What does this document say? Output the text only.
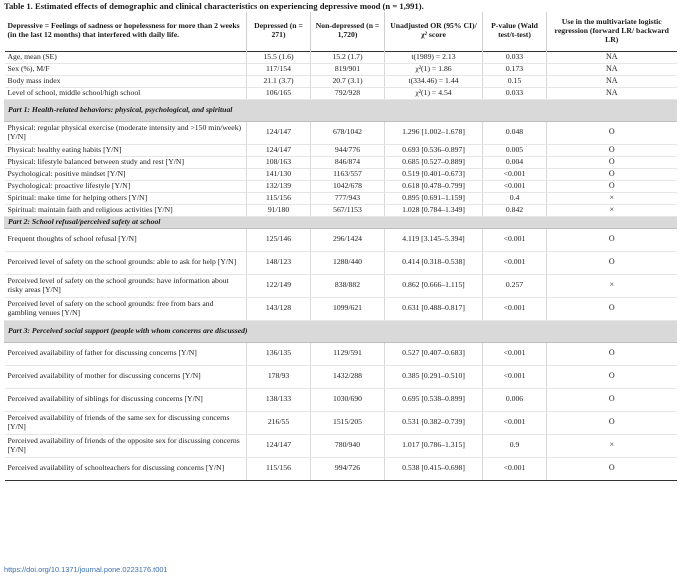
Table 1. Estimated effects of demographic and clinical characteristics on experiencing depressive mood (n = 1,991).
Depressive = Feelings of sadness or hopelessness for more than 2 weeks (in the last 12 months) that interfered with daily life.	Depressed (n = 271)	Non-depressed (n = 1,720)	Unadjusted OR (95% CI)/ χ² score	P-value (Wald test/t-test)	Use in the multivariate logistic regression (forward LR/ backward LR)
Age, mean (SE)	15.5 (1.6)	15.2 (1.7)	t(1989) = 2.13	0.033	NA
Sex (%), M/F	117/154	819/901	χ²(1) = 1.86	0.173	NA
Body mass index	21.1 (3.7)	20.7 (3.1)	t(334.46) = 1.44	0.15	NA
Level of school, middle school/high school	106/165	792/928	χ²(1) = 4.54	0.033	NA
Part 1: Health-related behaviors: physical, psychological, and spiritual					
Physical: regular physical exercise (moderate intensity and >150 min/week) [Y/N]	124/147	678/1042	1.296 [1.002–1.678]	0.048	O
Physical: healthy eating habits [Y/N]	124/147	944/776	0.693 [0.536–0.897]	0.005	O
Physical: lifestyle balanced between study and rest [Y/N]	108/163	846/874	0.685 [0.527–0.889]	0.004	O
Psychological: positive mindset [Y/N]	141/130	1163/557	0.519 [0.401–0.673]	<0.001	O
Psychological: proactive lifestyle [Y/N]	132/139	1042/678	0.618 [0.478–0.799]	<0.001	O
Spiritual: make time for helping others [Y/N]	115/156	777/943	0.895 [0.691–1.159]	0.4	×
Spiritual: maintain faith and religious activities [Y/N]	91/180	567/1153	1.028 [0.784–1.349]	0.842	×
Part 2: School refusal/perceived safety at school					
Frequent thoughts of school refusal [Y/N]	125/146	296/1424	4.119 [3.145–5.394]	<0.001	O
Perceived level of safety on the school grounds: able to ask for help [Y/N]	148/123	1280/440	0.414 [0.318–0.538]	<0.001	O
Perceived level of safety on the school grounds: have information about risky areas [Y/N]	122/149	838/882	0.862 [0.666–1.115]	0.257	×
Perceived level of safety on the school grounds: free from bars and gambling venues [Y/N]	143/128	1099/621	0.631 [0.488–0.817]	<0.001	O
Part 3: Perceived social support (people with whom concerns are discussed)					
Perceived availability of father for discussing concerns [Y/N]	136/135	1129/591	0.527 [0.407–0.683]	<0.001	O
Perceived availability of mother for discussing concerns [Y/N]	178/93	1432/288	0.385 [0.291–0.510]	<0.001	O
Perceived availability of siblings for discussing concerns [Y/N]	138/133	1030/690	0.695 [0.538–0.899]	0.006	O
Perceived availability of friends of the same sex for discussing concerns [Y/N]	216/55	1515/205	0.531 [0.382–0.739]	<0.001	O
Perceived availability of friends of the opposite sex for discussing concerns [Y/N]	124/147	780/940	1.017 [0.786–1.315]	0.9	×
Perceived availability of schoolteachers for discussing concerns [Y/N]	115/156	994/726	0.538 [0.415–0.698]	<0.001	O
https://doi.org/10.1371/journal.pone.0223176.t001
